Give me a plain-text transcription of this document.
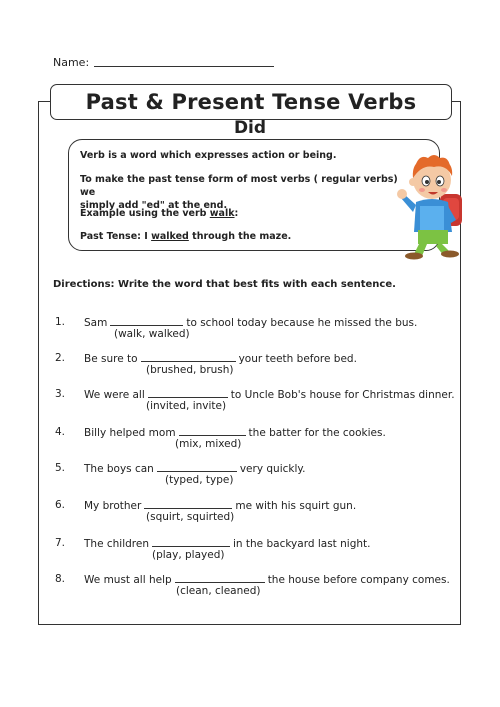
Name:
Past & Present Tense Verbs
Did
Verb is a word which expresses action or being.
To make the past tense form of most verbs ( regular verbs) we
simply add "ed" at the end.
Example using the verb walk:
Past Tense: I walked through the maze.
Directions: Write the word that best fits with each sentence.
1. Sam	to school today because he missed the bus.
(walk, walked)
2. Be sure to	your teeth before bed.
(brushed, brush)
3. We were all	to Uncle Bob's house for Christmas dinner.
(invited, invite)
4. Billy helped mom	the batter for the cookies.
(mix, mixed)
5. The boys can	very quickly.
(typed, type)
6. My brother	me with his squirt gun.
(squirt, squirted)
7. The children	in the backyard last night.
(play, played)
8. We must all help	the house before company comes.
(clean, cleaned)
